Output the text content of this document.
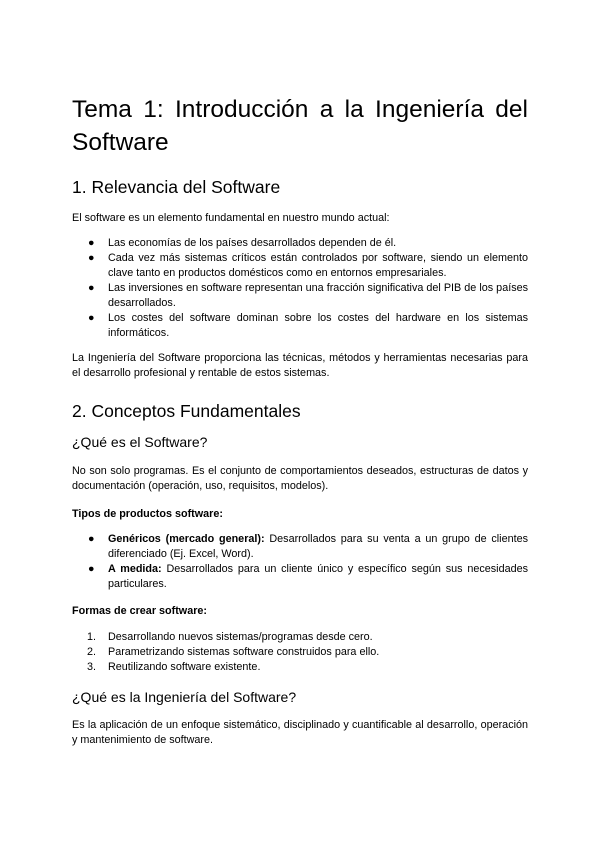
Tema 1: Introducción a la Ingeniería del Software
1. Relevancia del Software

El software es un elemento fundamental en nuestro mundo actual:

● Las economías de los países desarrollados dependen de él.
● Cada vez más sistemas críticos están controlados por software, siendo un elemento clave tanto en productos domésticos como en entornos empresariales.
● Las inversiones en software representan una fracción significativa del PIB de los países desarrollados.
● Los costes del software dominan sobre los costes del hardware en los sistemas informáticos.

La Ingeniería del Software proporciona las técnicas, métodos y herramientas necesarias para el desarrollo profesional y rentable de estos sistemas.

2. Conceptos Fundamentales
¿Qué es el Software?

No son solo programas. Es el conjunto de comportamientos deseados, estructuras de datos y documentación (operación, uso, requisitos, modelos).

Tipos de productos software:

● Genéricos (mercado general): Desarrollados para su venta a un grupo de clientes diferenciado (Ej. Excel, Word).
● A medida: Desarrollados para un cliente único y específico según sus necesidades particulares.

Formas de crear software:

1. Desarrollando nuevos sistemas/programas desde cero.
2. Parametrizando sistemas software construidos para ello.
3. Reutilizando software existente.
¿Qué es la Ingeniería del Software?

Es la aplicación de un enfoque sistemático, disciplinado y cuantificable al desarrollo, operación y mantenimiento de software.
